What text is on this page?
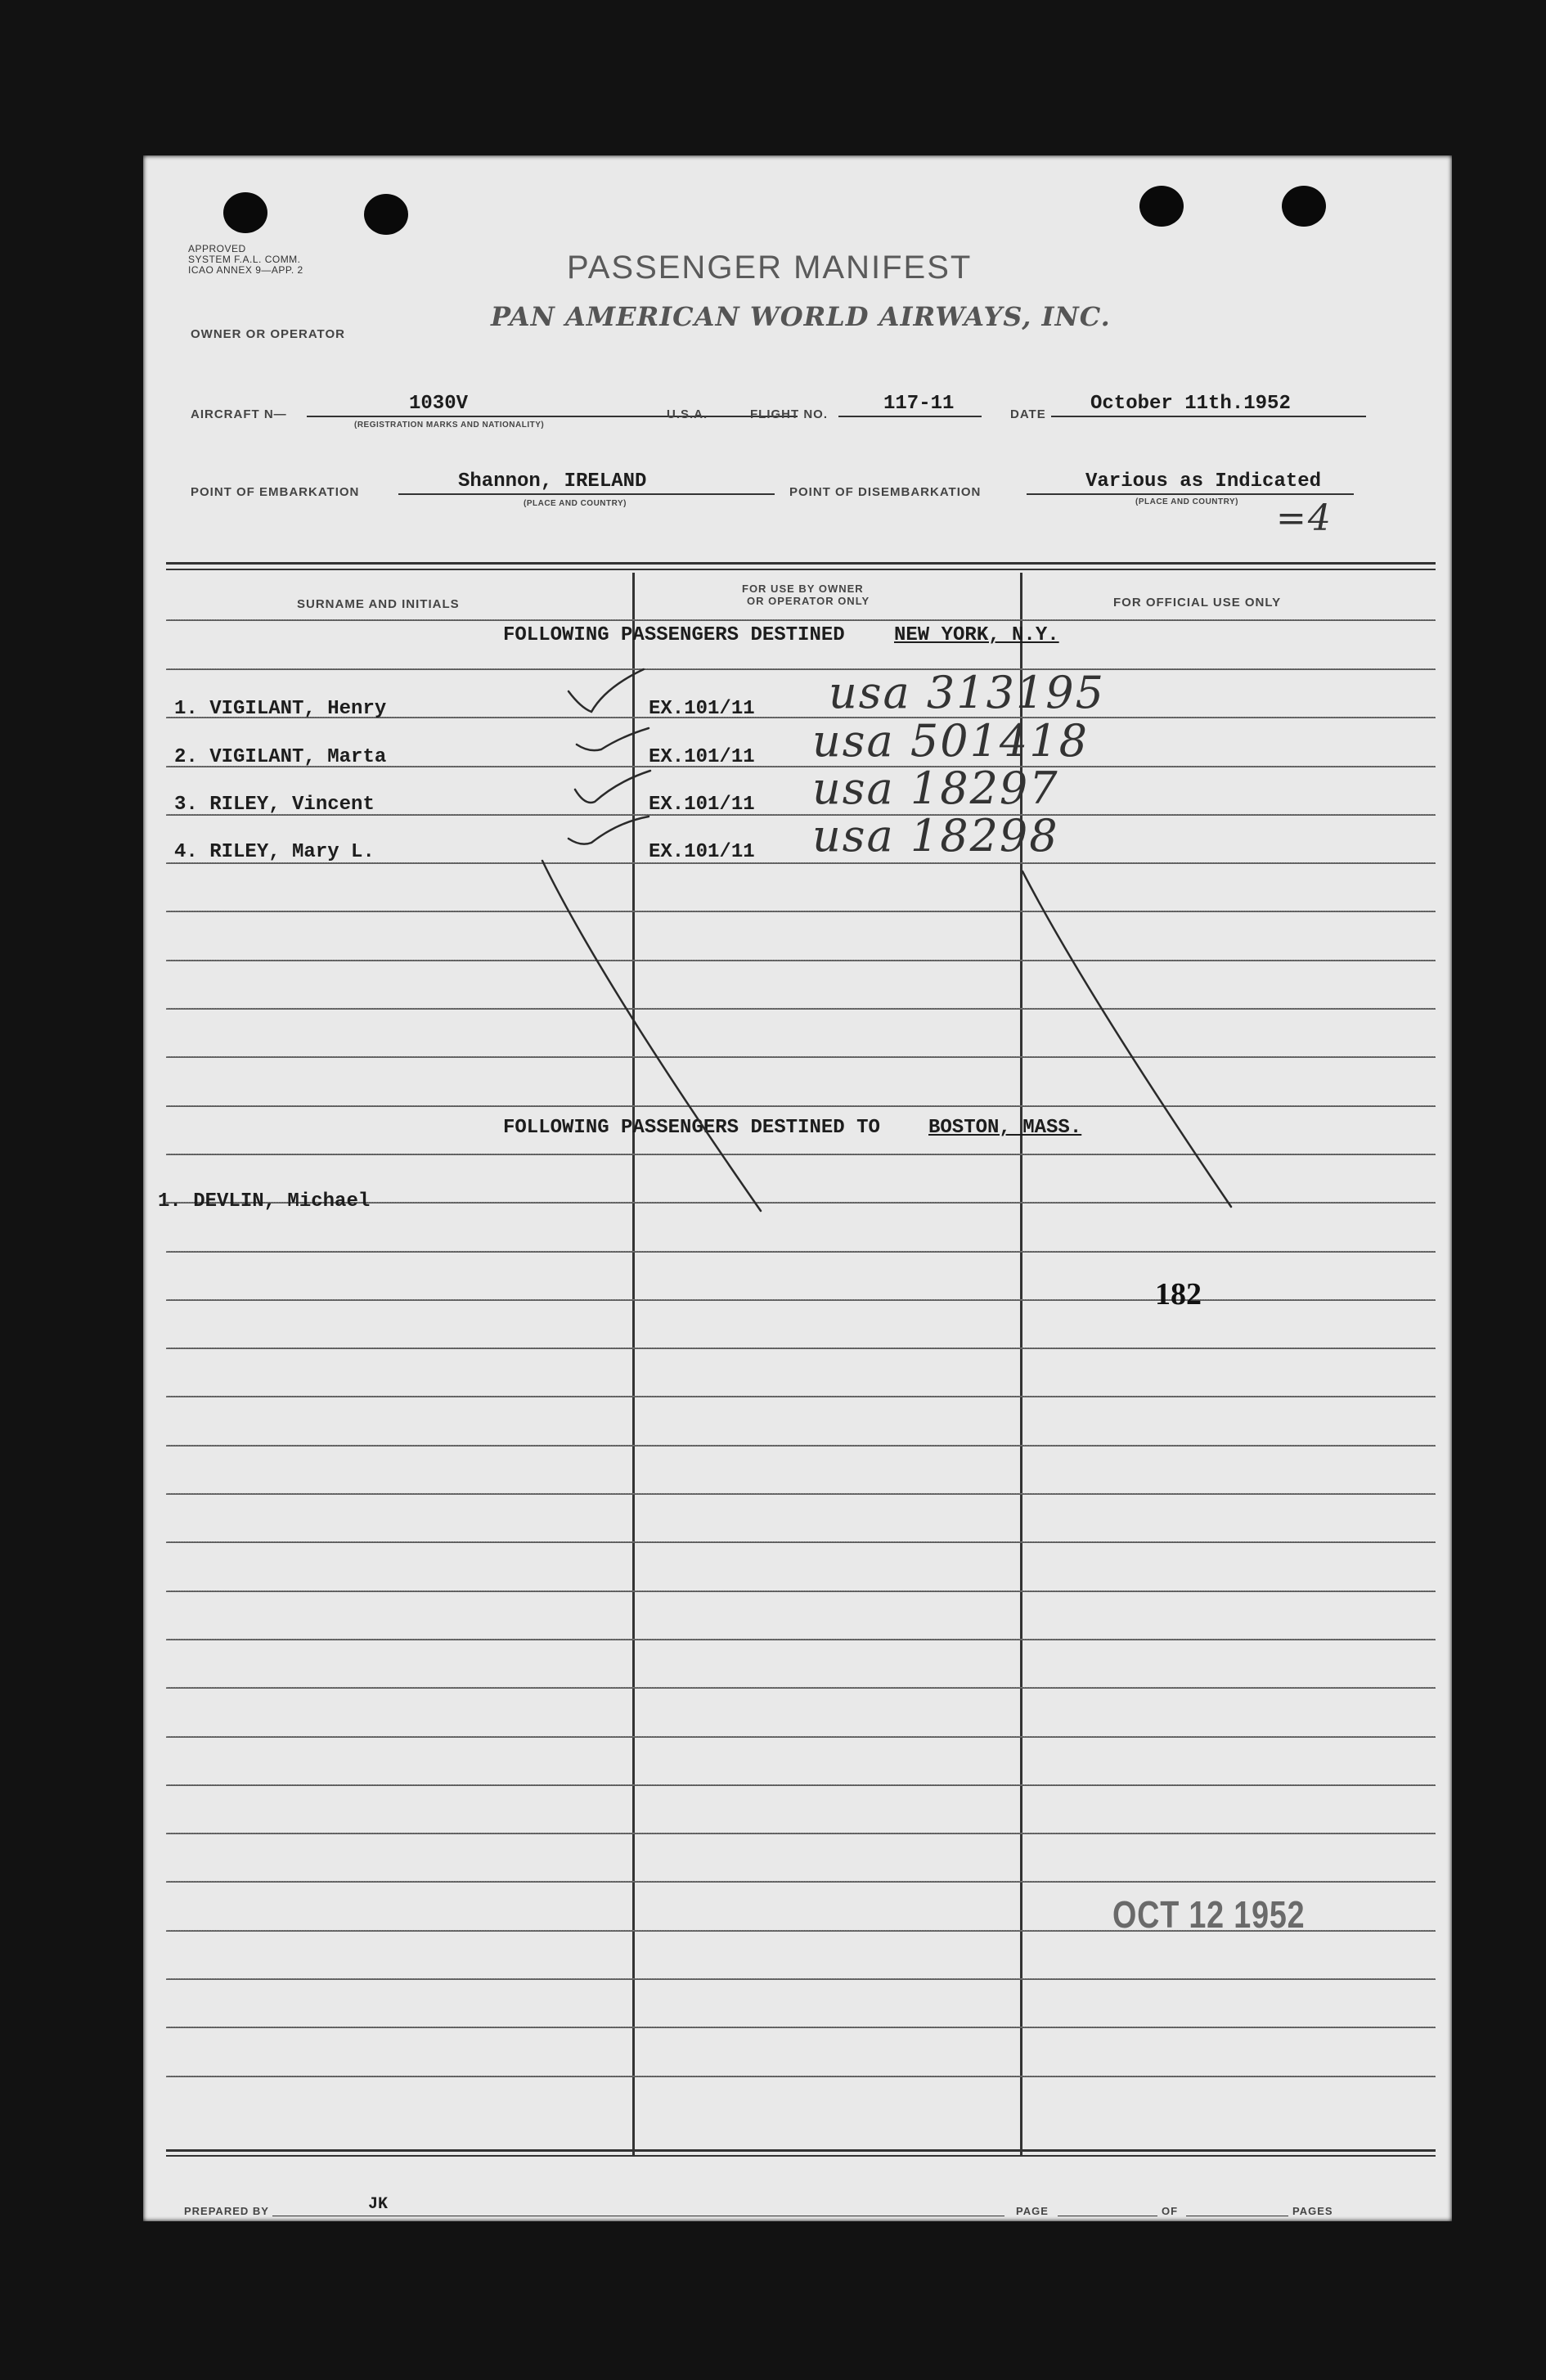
APPROVED
SYSTEM F.A.L. COMM.
ICAO ANNEX 9—APP. 2	PASSENGER MANIFEST
OWNER OR OPERATOR
PAN AMERICAN WORLD AIRWAYS, INC.
AIRCRAFT N—	1030V
(REGISTRATION MARKS AND NATIONALITY)
U.S.A.	FLIGHT NO.	117-11	DATE October 11th.1952
POINT OF EMBARKATION	Shannon, IRELAND
(PLACE AND COUNTRY)
POINT OF DISEMBARKATION	Various as Indicated
(PLACE AND COUNTRY) =4
SURNAME AND INITIALS
FOR USE BY OWNER
OR OPERATOR ONLY	FOR OFFICIAL USE ONLY
FOLLOWING PASSENGERS DESTINED	NEW YORK, N.Y.
1. VIGILANT, Henry	EX.101/11 usa 313195
2. VIGILANT, Marta	EX.101/11 usa 501418
3. RILEY, Vincent	EX.101/11 usa 18297
4. RILEY, Mary L.	EX.101/11 usa 18298
FOLLOWING PASSENGERS DESTINED TO BOSTON, MASS.
1. DEVLIN, Michael
182
OCT 12 1952
PREPARED BY	JK	PAGE	OF	PAGES
